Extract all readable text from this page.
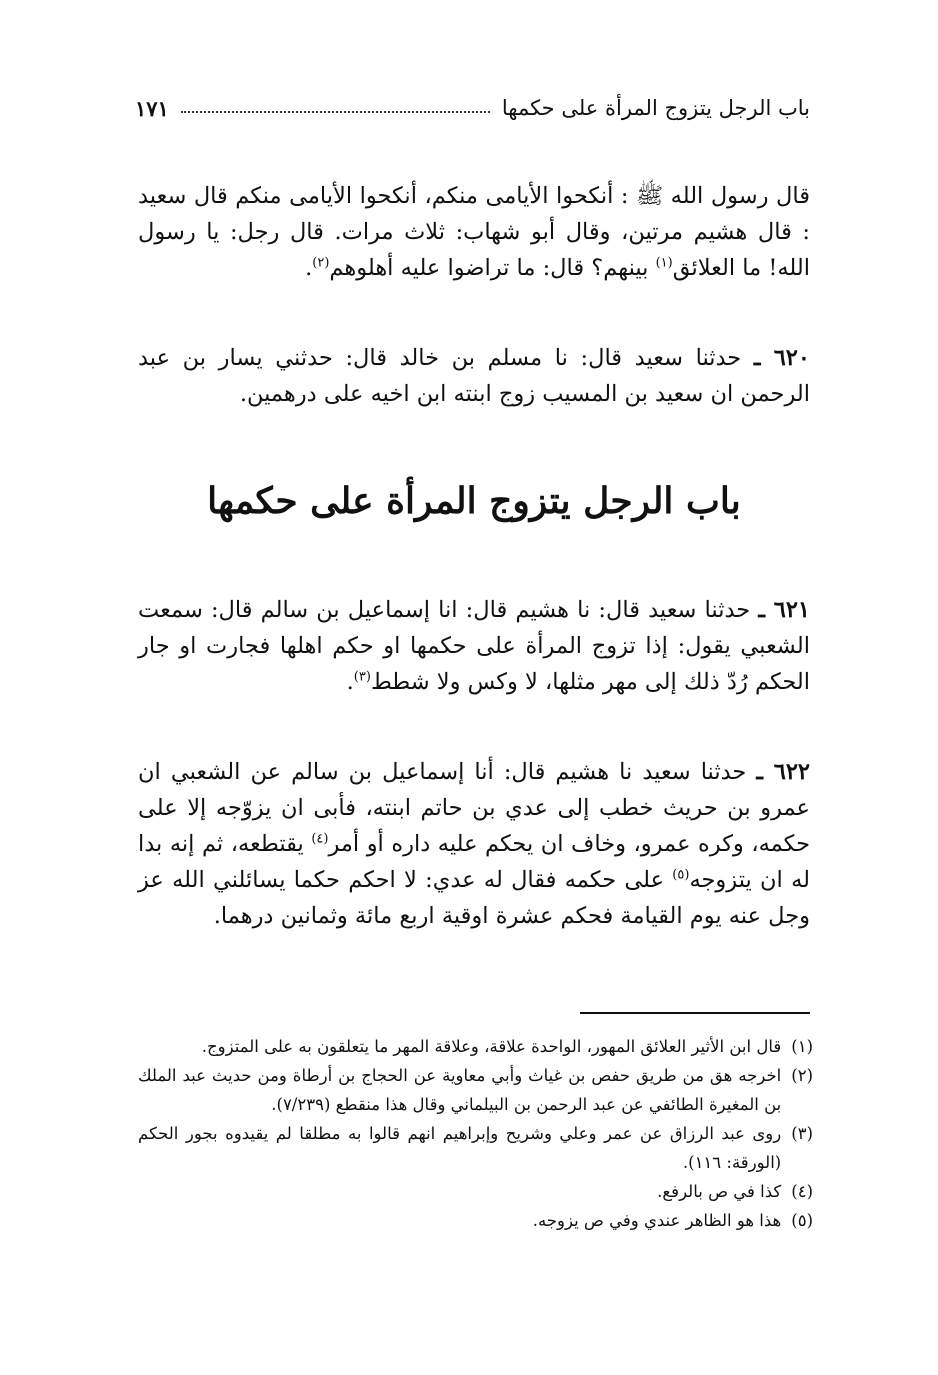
باب الرجل يتزوج المرأة على حكمها
١٧١
قال رسول الله ﷺ : أنكحوا الأيامى منكم، أنكحوا الأيامى منكم قال سعيد : قال هشيم مرتين، وقال أبو شهاب: ثلاث مرات. قال رجل: يا رسول الله! ما العلائق$^{(١)}$ بينهم؟ قال: ما تراضوا عليه أهلوهم$^{(٢)}$.
٦٢٠ ـ حدثنا سعيد قال: نا مسلم بن خالد قال: حدثني يسار بن عبد الرحمن ان سعيد بن المسيب زوج ابنته ابن اخيه على درهمين.
باب الرجل يتزوج المرأة على حكمها
٦٢١ ـ حدثنا سعيد قال: نا هشيم قال: انا إسماعيل بن سالم قال: سمعت الشعبي يقول: إذا تزوج المرأة على حكمها او حكم اهلها فجارت او جار الحكم رُدّ ذلك إلى مهر مثلها، لا وكس ولا شطط$^{(٣)}$.
٦٢٢ ـ حدثنا سعيد نا هشيم قال: أنا إسماعيل بن سالم عن الشعبي ان عمرو بن حريث خطب إلى عدي بن حاتم ابنته، فأبى ان يزوّجه إلا على حكمه، وكره عمرو، وخاف ان يحكم عليه داره أو أمر$^{(٤)}$ يقتطعه، ثم إنه بدا له ان يتزوجه$^{(٥)}$ على حكمه فقال له عدي: لا احكم حكما يسائلني الله عز وجل عنه يوم القيامة فحكم عشرة اوقية اربع مائة وثمانين درهما.
(١)
قال ابن الأثير العلائق المهور، الواحدة علاقة، وعلاقة المهر ما يتعلقون به على المتزوج.
(٢)
اخرجه هق من طريق حفص بن غياث وأبي معاوية عن الحجاج بن أرطاة ومن حديث عبد الملك بن المغيرة الطائفي عن عبد الرحمن بن البيلماني وقال هذا منقطع (٧/٢٣٩).
(٣)
روى عبد الرزاق عن عمر وعلي وشريح وإبراهيم انهم قالوا به مطلقا لم يقيدوه بجور الحكم (الورقة: ١١٦).
(٤)
كذا في ص بالرفع.
(٥)
هذا هو الظاهر عندي وفي ص يزوجه.
